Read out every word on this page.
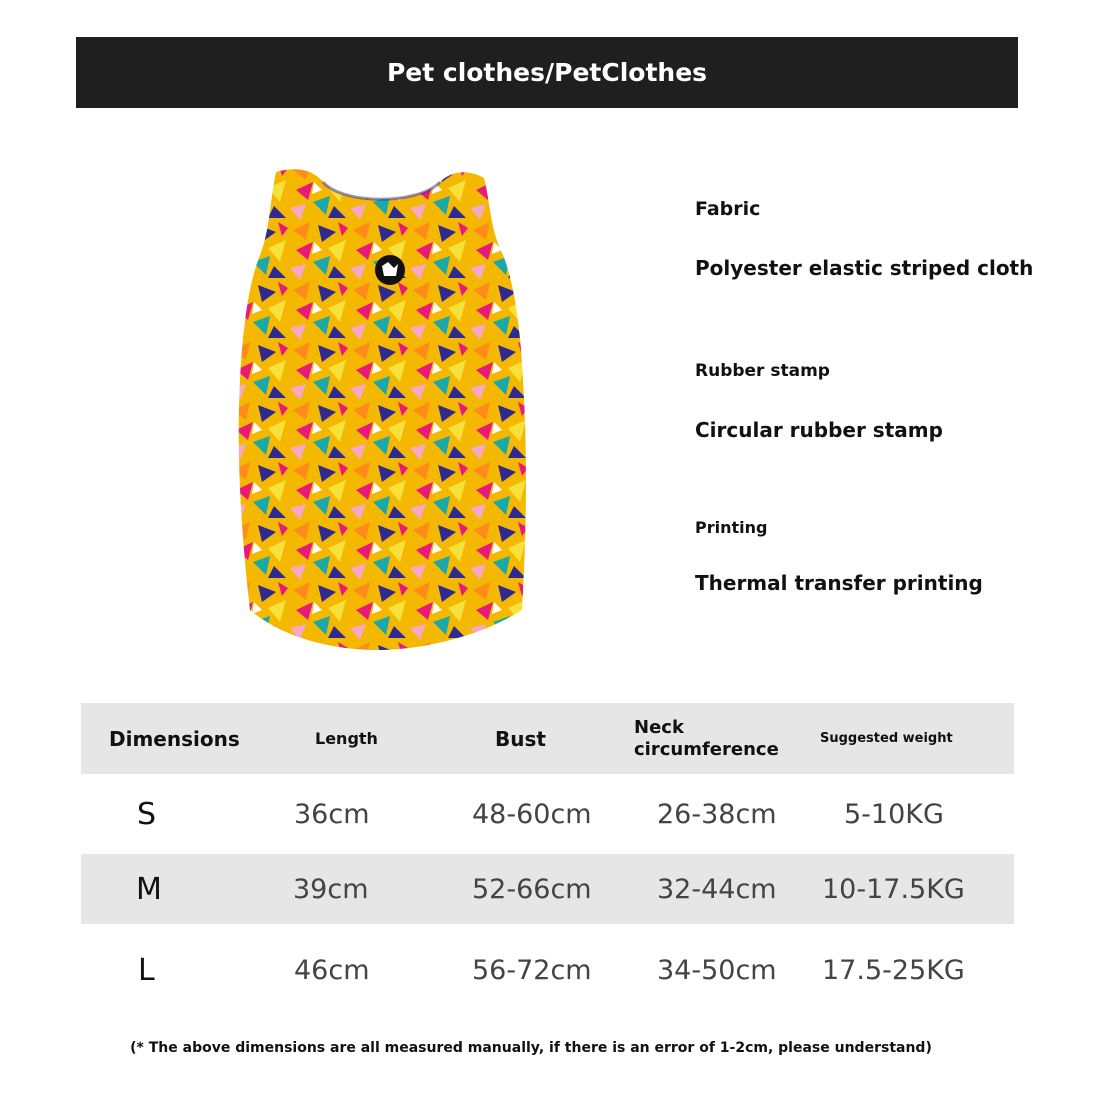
Pet clothes/PetClothes
Fabric
Polyester elastic striped cloth
Rubber stamp
Circular rubber stamp
Printing
Thermal transfer printing
Dimensions	Length	Bust	Neck circumference	Suggested weight
S	36cm	48-60cm 26-38cm 5-10KG
M	39cm	52-66cm 32-44cm 10-17.5KG
L	46cm	56-72cm 34-50cm 17.5-25KG
(* The above dimensions are all measured manually, if there is an error of 1-2cm, please understand)
